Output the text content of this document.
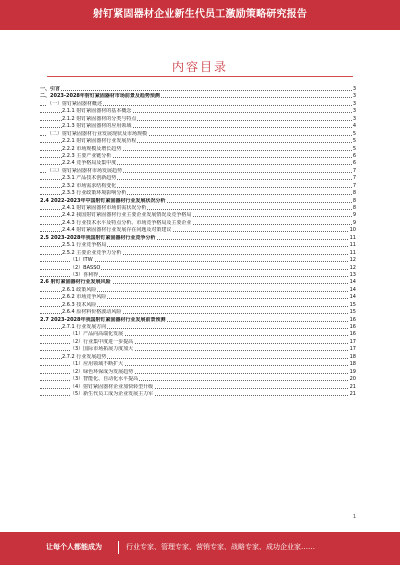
射钉紧固器材企业新生代员工激励策略研究报告
内容目录
一、引言	3
二、2023-2028年射钉紧固器材市场前景及趋势预测	3
（一）射钉紧固器材概述	3
2.1.1 射钉紧固器材的基本概念	3
2.1.2 射钉紧固器材的分类与特点	3
2.1.3 射钉紧固器材的应用领域	4
（二）射钉紧固器材行业发展现状及市场规模	5
2.2.1 射钉紧固器材行业发展历程	5
2.2.2 市场规模及增长趋势	5
2.2.3 主要产业链分析	6
2.2.4 竞争格局及集中度	6
（三）射钉紧固器材市场发展趋势	7
2.3.1 产品技术创新趋势	7
2.3.2 市场需求结构变化	7
2.3.3 行业政策环境影响分析	8
2.4 2022-2023年中国射钉紧固器材行业发展状况分析	8
2.4.1 射钉紧固器材市场供需状况分析	8
2.4.2 我国射钉紧固器材行业主要企业发展情况及竞争格局	9
2.4.3 行业技术水平及特点分析、市场竞争格局及主要企业	9
2.4.4 射钉紧固器材行业发展存在问题及对策建议	10
2.5 2023-2028年我国射钉紧固器材行业竞争分析	11
2.5.1 行业竞争格局	11
2.5.2 主要企业竞争力分析	11
（1）ITW	12
（2）BASSO	12
（3）喜利得	13
2.6 射钉紧固器材行业发展风险	14
2.6.1 政策风险	14
2.6.2 市场竞争风险	14
2.6.3 技术风险	15
2.6.4 原材料价格波动风险	15
2.7 2023-2028年我国射钉紧固器材行业发展前景预测	16
2.7.1 行业发展方向	16
（1）产品向高端化发展	16
（2）行业集中度进一步提高	17
（3）国际市场拓展力度加大	17
2.7.2 行业发展趋势	18
（1）应用领域不断扩大	18
（2）绿色环保成为发展趋势	19
（3）智能化、自动化水平提高	20
（4）射钉紧固器材企业加快转型升级	21
（5）新生代员工成为企业发展主力军	21
1
让每个人都能成为	行业专家、管理专家、营销专家、战略专家、成功企业家……
